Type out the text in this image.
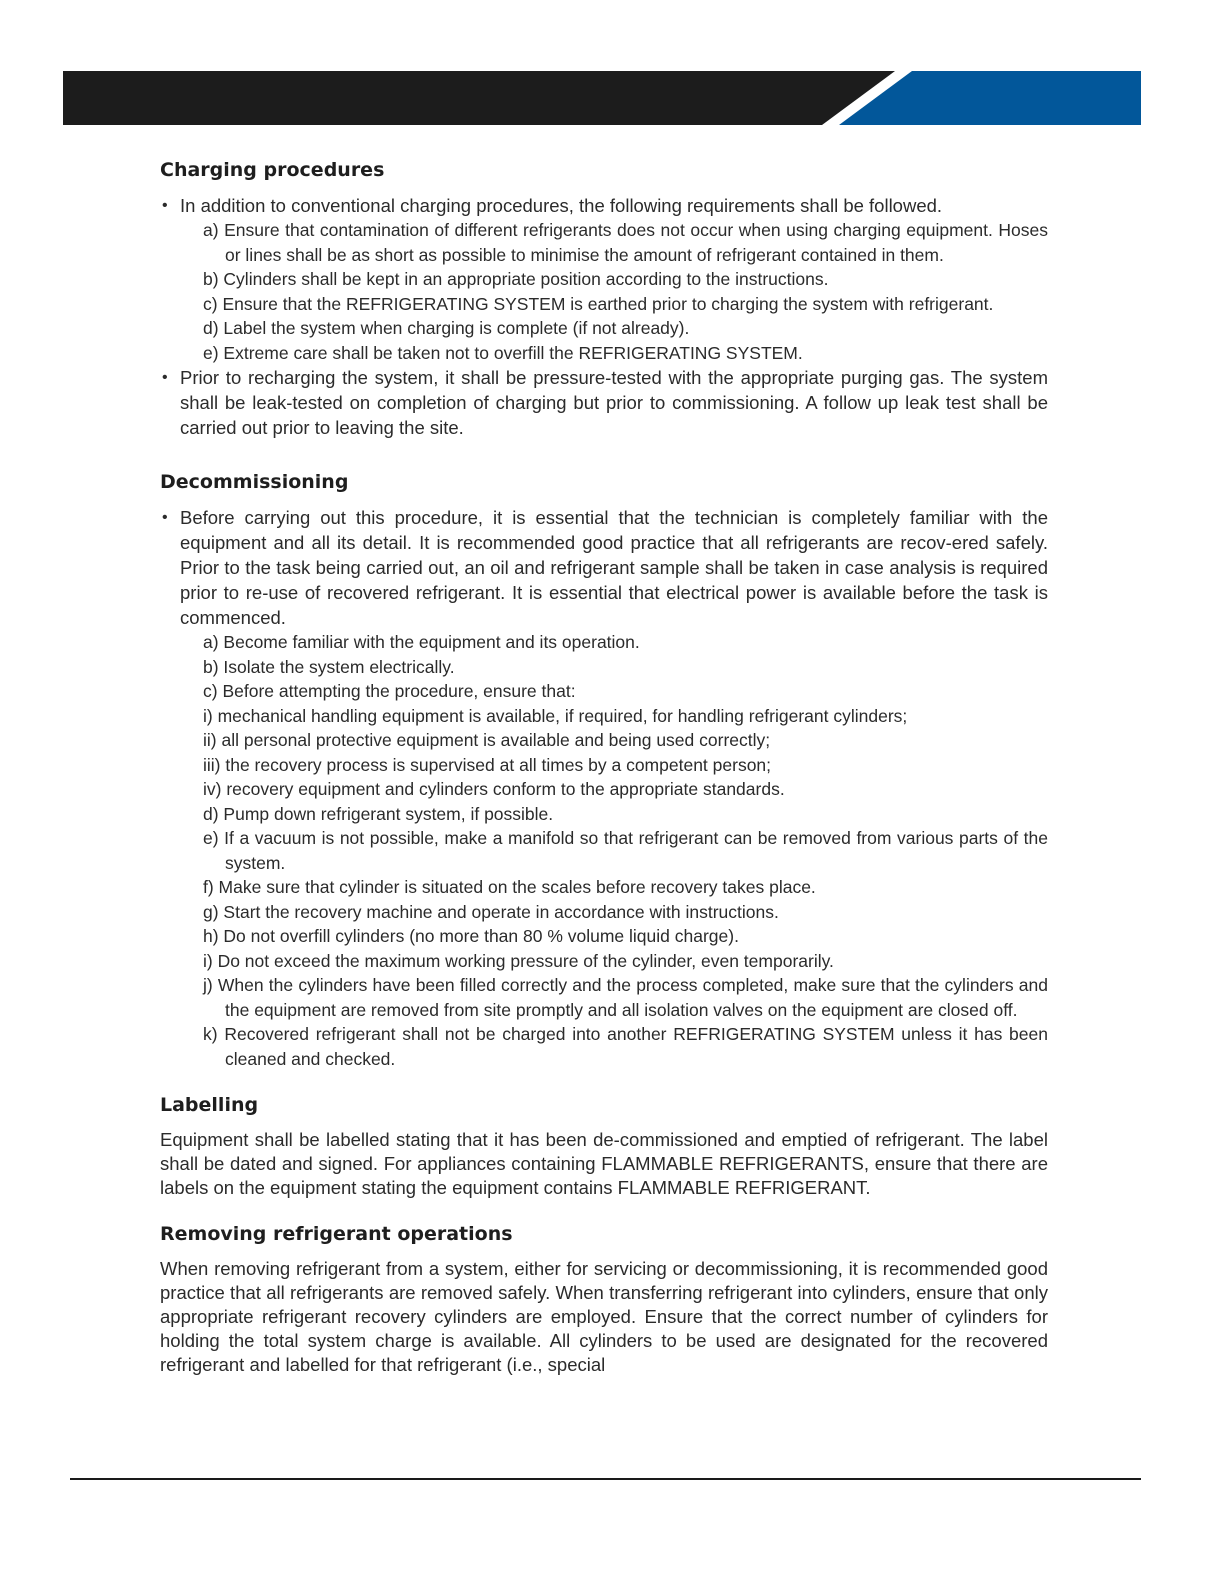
Charging procedures
• In addition to conventional charging procedures, the following requirements shall be followed.
a) Ensure that contamination of different refrigerants does not occur when using charging equipment. Hoses or lines shall be as short as possible to minimise the amount of refrigerant contained in them.
b) Cylinders shall be kept in an appropriate position according to the instructions.
c) Ensure that the REFRIGERATING SYSTEM is earthed prior to charging the system with refrigerant.
d) Label the system when charging is complete (if not already).
e) Extreme care shall be taken not to overfill the REFRIGERATING SYSTEM.
• Prior to recharging the system, it shall be pressure-tested with the appropriate purging gas. The system shall be leak-tested on completion of charging but prior to commissioning. A follow up leak test shall be carried out prior to leaving the site.
Decommissioning
• Before carrying out this procedure, it is essential that the technician is completely familiar with the equipment and all its detail. It is recommended good practice that all refrigerants are recov-ered safely. Prior to the task being carried out, an oil and refrigerant sample shall be taken in case analysis is required prior to re-use of recovered refrigerant. It is essential that electrical power is available before the task is commenced.
a) Become familiar with the equipment and its operation.
b) Isolate the system electrically.
c) Before attempting the procedure, ensure that:
i) mechanical handling equipment is available, if required, for handling refrigerant cylinders;
ii) all personal protective equipment is available and being used correctly;
iii) the recovery process is supervised at all times by a competent person;
iv) recovery equipment and cylinders conform to the appropriate standards.
d) Pump down refrigerant system, if possible.
e) If a vacuum is not possible, make a manifold so that refrigerant can be removed from various parts of the system.
f) Make sure that cylinder is situated on the scales before recovery takes place.
g) Start the recovery machine and operate in accordance with instructions.
h) Do not overfill cylinders (no more than 80 % volume liquid charge).
i) Do not exceed the maximum working pressure of the cylinder, even temporarily.
j) When the cylinders have been filled correctly and the process completed, make sure that the cylinders and the equipment are removed from site promptly and all isolation valves on the equipment are closed off.
k) Recovered refrigerant shall not be charged into another REFRIGERATING SYSTEM unless it has been cleaned and checked.
Labelling

Equipment shall be labelled stating that it has been de-commissioned and emptied of refrigerant. The label shall be dated and signed. For appliances containing FLAMMABLE REFRIGERANTS, ensure that there are labels on the equipment stating the equipment contains FLAMMABLE REFRIGERANT.

Removing refrigerant operations

When removing refrigerant from a system, either for servicing or decommissioning, it is recommended good practice that all refrigerants are removed safely. When transferring refrigerant into cylinders, ensure that only appropriate refrigerant recovery cylinders are employed. Ensure that the correct number of cylinders for holding the total system charge is available. All cylinders to be used are designated for the recovered refrigerant and labelled for that refrigerant (i.e., special
